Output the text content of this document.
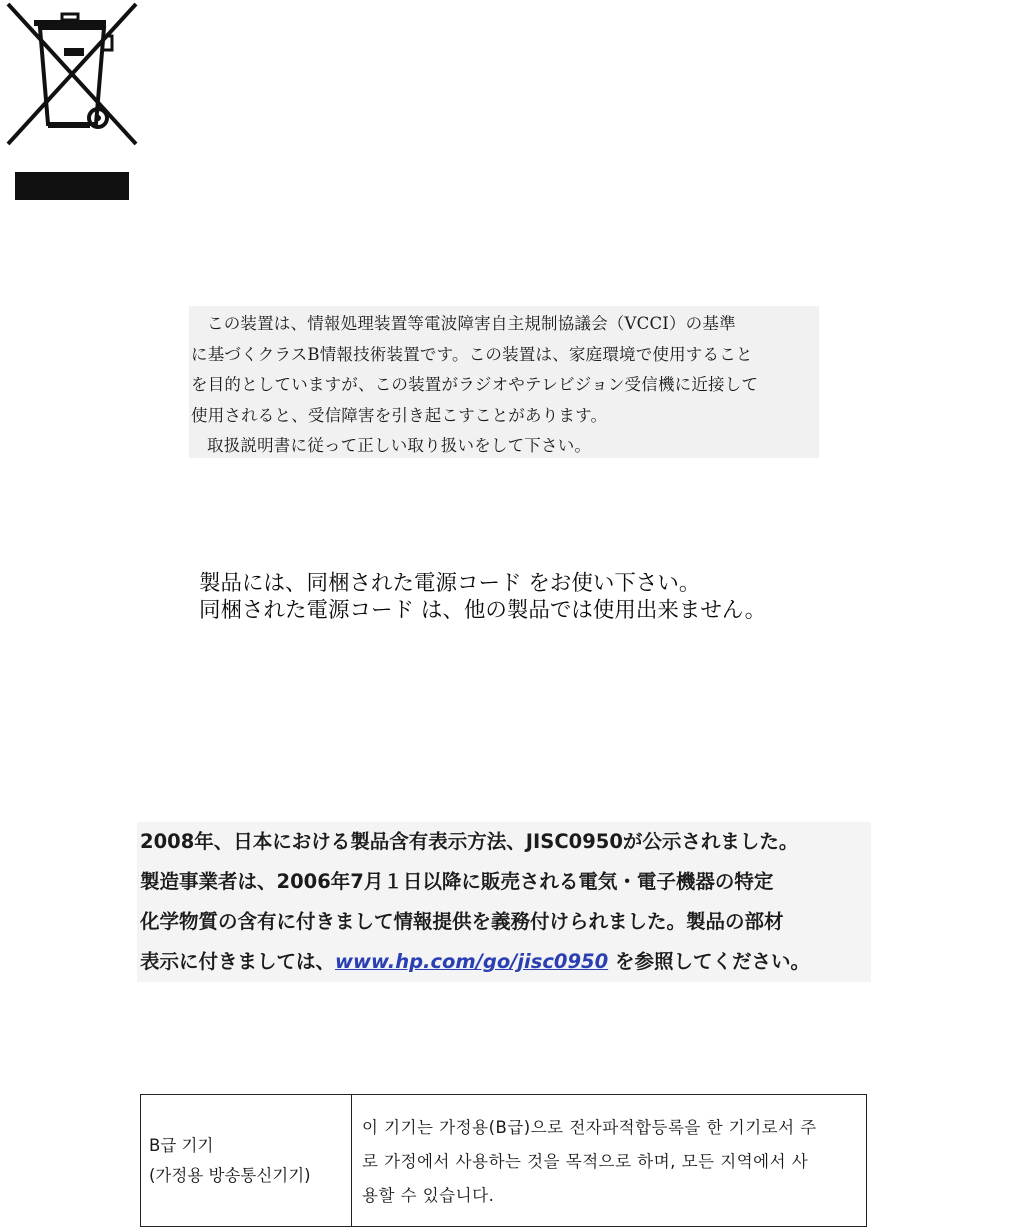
この装置は、情報処理装置等電波障害自主規制協議会（VCCI）の基準

に基づくクラスB情報技術装置です。この装置は、家庭環境で使用すること

を目的としていますが、この装置がラジオやテレビジョン受信機に近接して

使用されると、受信障害を引き起こすことがあります。

取扱説明書に従って正しい取り扱いをして下さい。

製品には、同梱された電源コード をお使い下さい。

同梱された電源コード は、他の製品では使用出来ません。

2008年、日本における製品含有表示方法、JISC0950が公示されました。

製造事業者は、2006年7月１日以降に販売される電気・電子機器の特定

化学物質の含有に付きまして情報提供を義務付けられました。製品の部材

表示に付きましては、www.hp.com/go/jisc0950 を参照してください。

B급 기기
(가정용 방송통신기기)

이 기기는 가정용(B급)으로 전자파적합등록을 한 기기로서 주
로 가정에서 사용하는 것을 목적으로 하며, 모든 지역에서 사
용할 수 있습니다.
